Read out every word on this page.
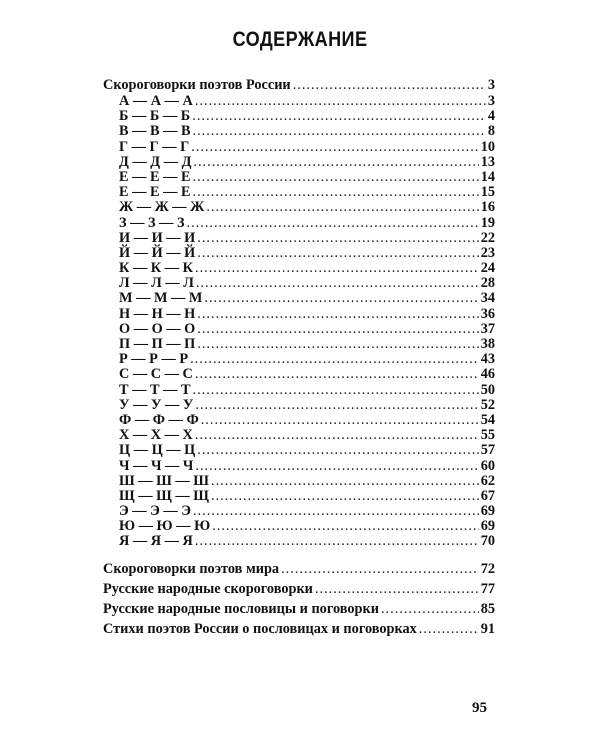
СОДЕРЖАНИЕ
Скороговорки поэтов России .....	3
А — А — А .....	3
Б — Б — Б .....	4
В — В — В .....	8
Г — Г — Г .....	10
Д — Д — Д .....	13
Е — Е — Е .....	14
Е — Е — Е .....	15
Ж — Ж — Ж .....	16
З — З — З .....	19
И — И — И .....	22
Й — Й — Й .....	23
К — К — К .....	24
Л — Л — Л .....	28
М — М — М .....	34
Н — Н — Н .....	36
О — О — О .....	37
П — П — П .....	38
Р — Р — Р .....	43
С — С — С .....	46
Т — Т — Т .....	50
У — У — У .....	52
Ф — Ф — Ф .....	54
Х — Х — Х .....	55
Ц — Ц — Ц .....	57
Ч — Ч — Ч .....	60
Ш — Ш — Ш .....	62
Щ — Щ — Щ .....	67
Э — Э — Э .....	69
Ю — Ю — Ю .....	69
Я — Я — Я .....	70
Скороговорки поэтов мира .....	72
Русские народные скороговорки .....	77
Русские народные пословицы и поговорки .....	85
Стихи поэтов России о пословицах и поговорках .....	91
95
